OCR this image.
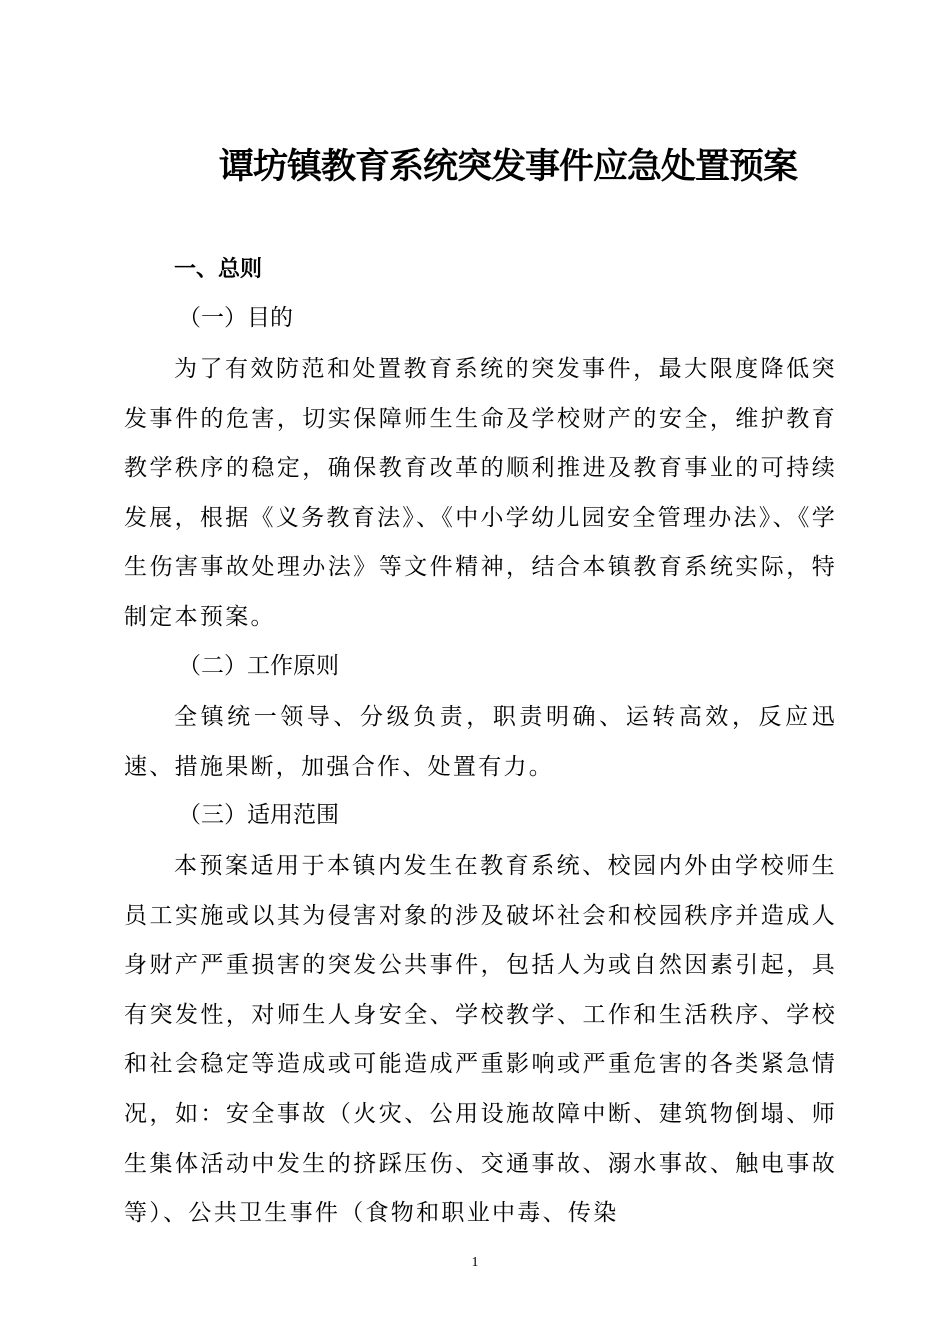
谭坊镇教育系统突发事件应急处置预案
一、总则
（一）目的
为了有效防范和处置教育系统的突发事件，最大限度降低突发事件的危害，切实保障师生生命及学校财产的安全，维护教育教学秩序的稳定，确保教育改革的顺利推进及教育事业的可持续发展，根据《义务教育法》、《中小学幼儿园安全管理办法》、《学生伤害事故处理办法》等文件精神，结合本镇教育系统实际，特制定本预案。
（二）工作原则
全镇统一领导、分级负责，职责明确、运转高效，反应迅速、措施果断，加强合作、处置有力。
（三）适用范围
本预案适用于本镇内发生在教育系统、校园内外由学校师生员工实施或以其为侵害对象的涉及破坏社会和校园秩序并造成人身财产严重损害的突发公共事件，包括人为或自然因素引起，具有突发性，对师生人身安全、学校教学、工作和生活秩序、学校和社会稳定等造成或可能造成严重影响或严重危害的各类紧急情况，如：安全事故（火灾、公用设施故障中断、建筑物倒塌、师生集体活动中发生的挤踩压伤、交通事故、溺水事故、触电事故等）、公共卫生事件（食物和职业中毒、传染
1
